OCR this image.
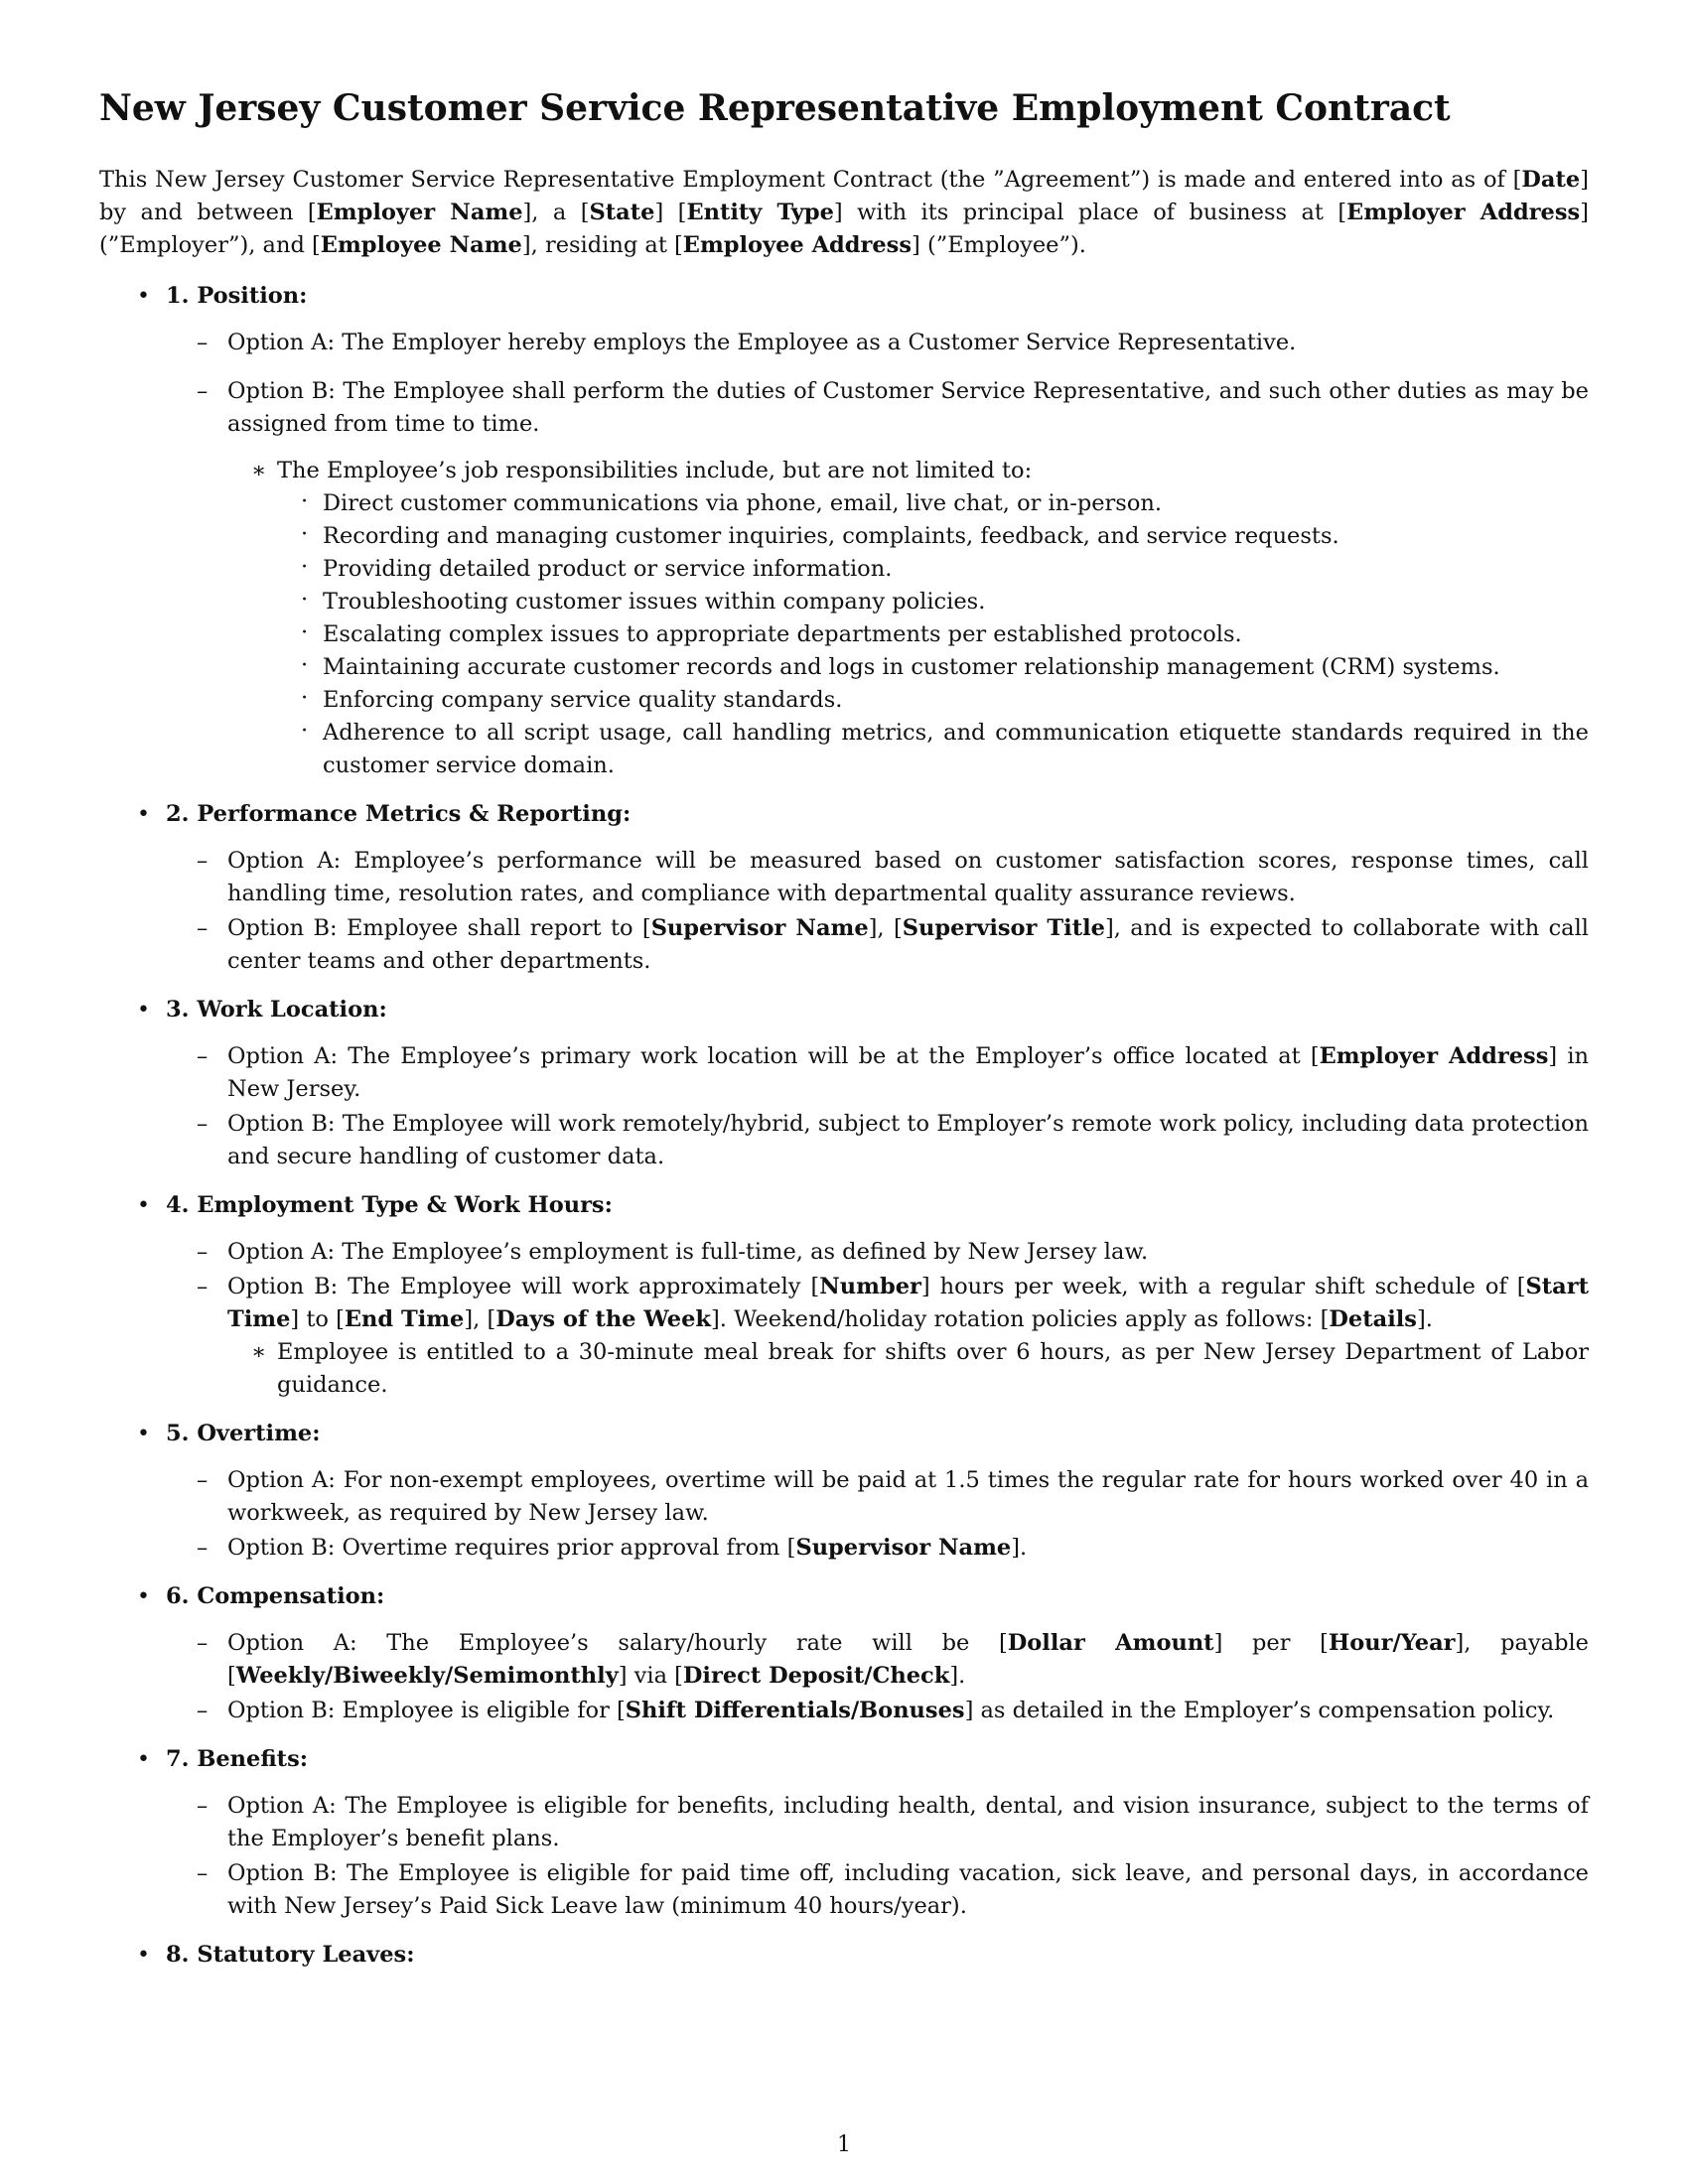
New Jersey Customer Service Representative Employment Contract

This New Jersey Customer Service Representative Employment Contract (the ”Agreement”) is made and entered into as of [Date] by and between [Employer Name], a [State] [Entity Type] with its principal place of business at [Employer Address] (”Employer”), and [Employee Name], residing at [Employee Address] (”Employee”).

• 1. Position:
– Option A: The Employer hereby employs the Employee as a Customer Service Representative.
– Option B: The Employee shall perform the duties of Customer Service Representative, and such other duties as may be assigned from time to time.
∗ The Employee’s job responsibilities include, but are not limited to:
· Direct customer communications via phone, email, live chat, or in-person.
· Recording and managing customer inquiries, complaints, feedback, and service requests.
· Providing detailed product or service information.
· Troubleshooting customer issues within company policies.
· Escalating complex issues to appropriate departments per established protocols.
· Maintaining accurate customer records and logs in customer relationship management (CRM) systems.
· Enforcing company service quality standards.
· Adherence to all script usage, call handling metrics, and communication etiquette standards required in the customer service domain.
• 2. Performance Metrics & Reporting:
– Option A: Employee’s performance will be measured based on customer satisfaction scores, response times, call handling time, resolution rates, and compliance with departmental quality assurance reviews.
– Option B: Employee shall report to [Supervisor Name], [Supervisor Title], and is expected to collaborate with call center teams and other departments.
• 3. Work Location:
– Option A: The Employee’s primary work location will be at the Employer’s office located at [Employer Address] in New Jersey.
– Option B: The Employee will work remotely/hybrid, subject to Employer’s remote work policy, including data protection and secure handling of customer data.
• 4. Employment Type & Work Hours:
– Option A: The Employee’s employment is full-time, as defined by New Jersey law.
– Option B: The Employee will work approximately [Number] hours per week, with a regular shift schedule of [Start Time] to [End Time], [Days of the Week]. Weekend/holiday rotation policies apply as follows: [Details].
∗ Employee is entitled to a 30-minute meal break for shifts over 6 hours, as per New Jersey Department of Labor guidance.
• 5. Overtime:
– Option A: For non-exempt employees, overtime will be paid at 1.5 times the regular rate for hours worked over 40 in a workweek, as required by New Jersey law.
– Option B: Overtime requires prior approval from [Supervisor Name].
• 6. Compensation:
– Option A: The Employee’s salary/hourly rate will be [Dollar Amount] per [Hour/Year], payable [Weekly/Biweekly/Semimonthly] via [Direct Deposit/Check].
– Option B: Employee is eligible for [Shift Differentials/Bonuses] as detailed in the Employer’s compensation policy.
• 7. Benefits:
– Option A: The Employee is eligible for benefits, including health, dental, and vision insurance, subject to the terms of the Employer’s benefit plans.
– Option B: The Employee is eligible for paid time off, including vacation, sick leave, and personal days, in accordance with New Jersey’s Paid Sick Leave law (minimum 40 hours/year).
• 8. Statutory Leaves:
1
